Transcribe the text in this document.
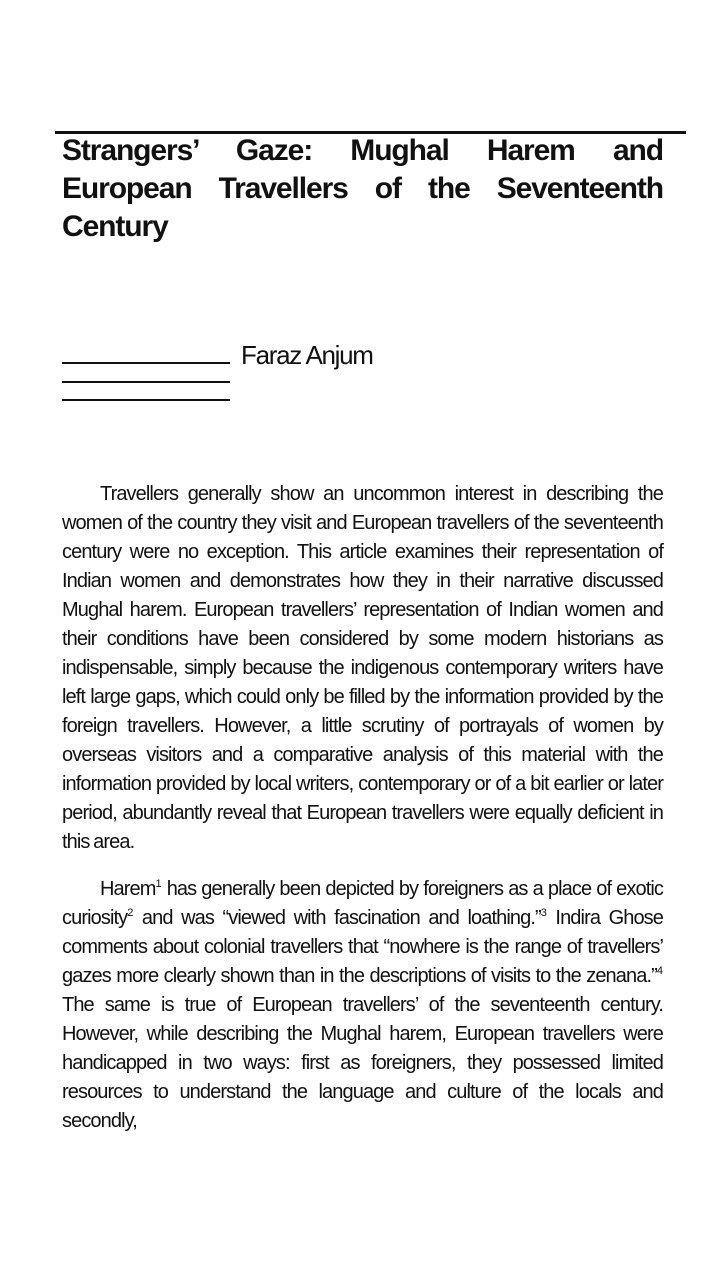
Strangers’ Gaze: Mughal Harem and European Travellers of the Seventeenth Century
Faraz Anjum

Travellers generally show an uncommon interest in describing the women of the country they visit and European travellers of the seventeenth century were no exception. This article examines their representation of Indian women and demonstrates how they in their narrative discussed Mughal harem. European travellers’ representation of Indian women and their conditions have been considered by some modern historians as indispensable, simply because the indigenous contemporary writers have left large gaps, which could only be filled by the information provided by the foreign travellers. However, a little scrutiny of portrayals of women by overseas visitors and a comparative analysis of this material with the information provided by local writers, contemporary or of a bit earlier or later period, abundantly reveal that European travellers were equally deficient in this area.

Harem$^1$ has generally been depicted by foreigners as a place of exotic curiosity$^2$ and was “viewed with fascination and loathing.”$^3$ Indira Ghose comments about colonial travellers that “nowhere is the range of travellers’ gazes more clearly shown than in the descriptions of visits to the zenana.”$^4$ The same is true of European travellers’ of the seventeenth century. However, while describing the Mughal harem, European travellers were handicapped in two ways: first as foreigners, they possessed limited resources to understand the language and culture of the locals and secondly,
